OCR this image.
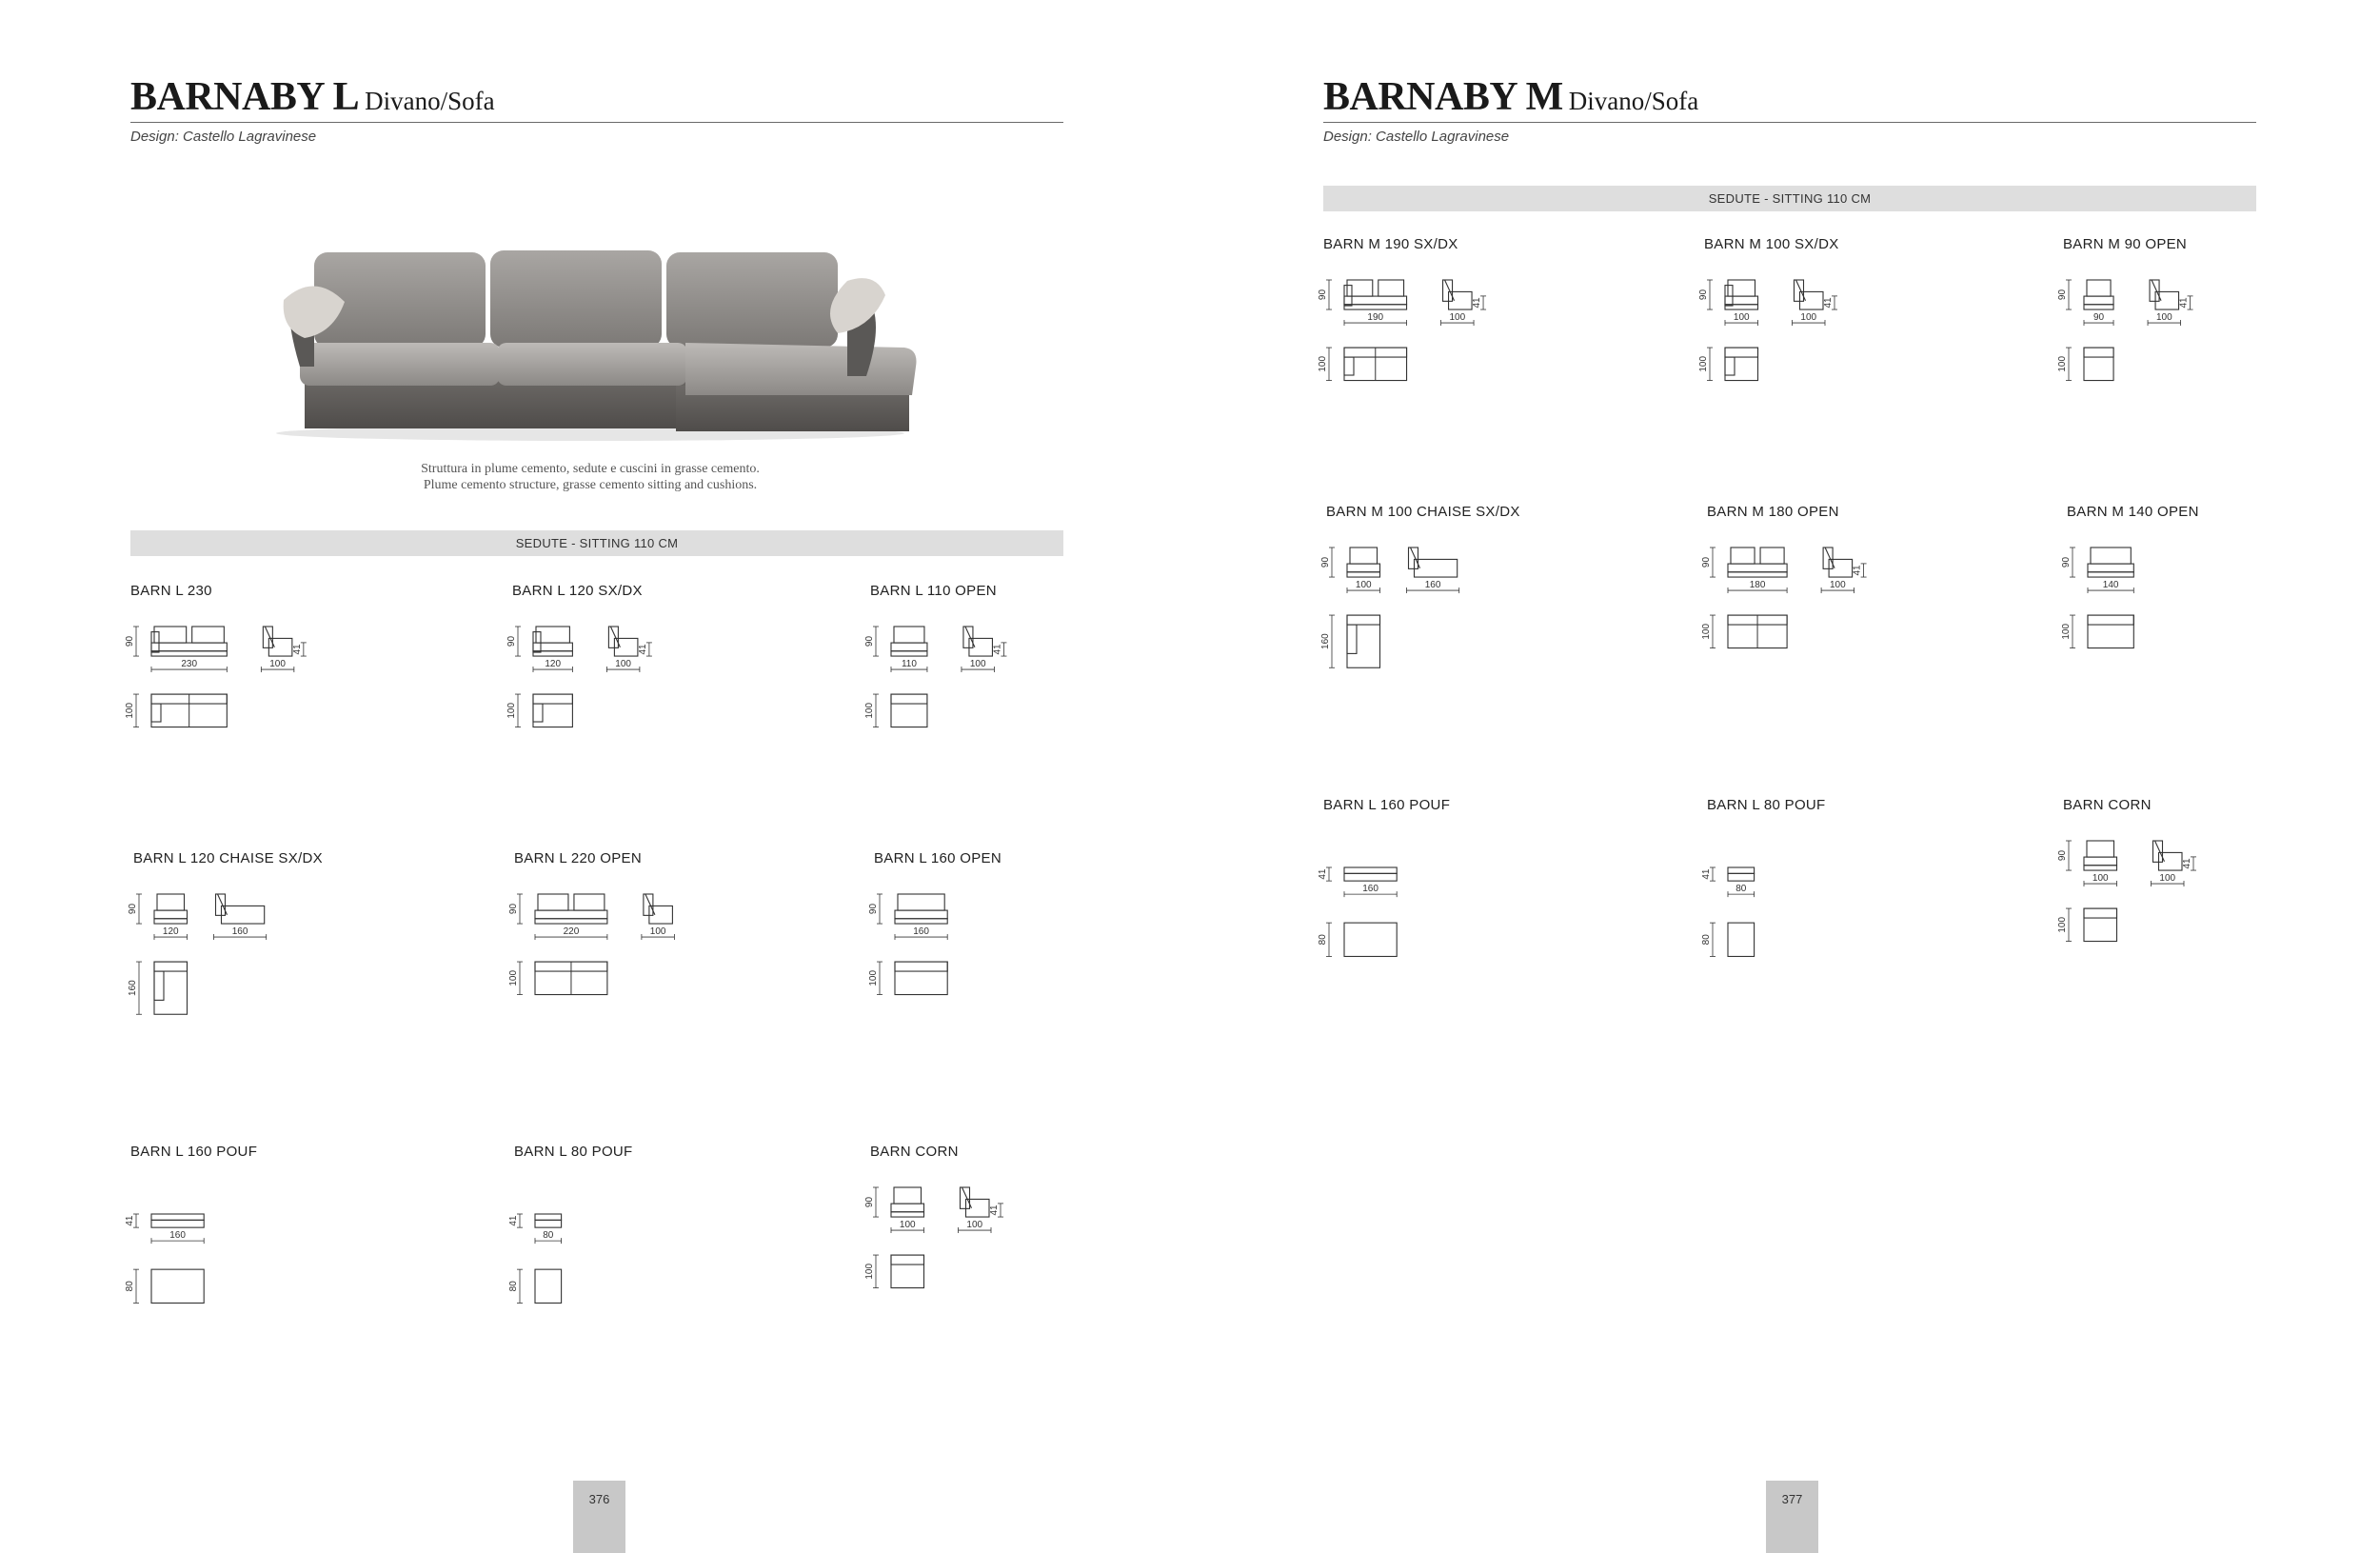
BARNABY L Divano/Sofa
Design: Castello Lagravinese
Struttura in plume cemento, sedute e cuscini in grasse cemento.
Plume cemento structure, grasse cemento sitting and cushions.
SEDUTE - SITTING 110 CM
BARN L 230
230
90
100
41
100
BARN L 120 SX/DX
120
90
100
41
100
BARN L 110 OPEN
110
90
100
41
100
BARN L 120 CHAISE SX/DX
120
90
160
160
BARN L 220 OPEN
220
90
100
100
BARN L 160 OPEN
160
90
100
BARN L 160 POUF
160
41
80
BARN L 80 POUF
80
41
80
BARN CORN
100
90
100
41
100
376
BARNABY M Divano/Sofa
Design: Castello Lagravinese
SEDUTE - SITTING 110 CM
BARN M 190 SX/DX
190
90
100
41
100
BARN M 100 SX/DX
100
90
100
41
100
BARN M 90 OPEN
90
90
100
41
100
BARN M 100 CHAISE SX/DX
100
90
160
160
BARN M 180 OPEN
180
90
100
41
100
BARN M 140 OPEN
140
90
100
BARN L 160 POUF
160
41
80
BARN L 80 POUF
80
41
80
BARN CORN
100
90
100
41
100
377
